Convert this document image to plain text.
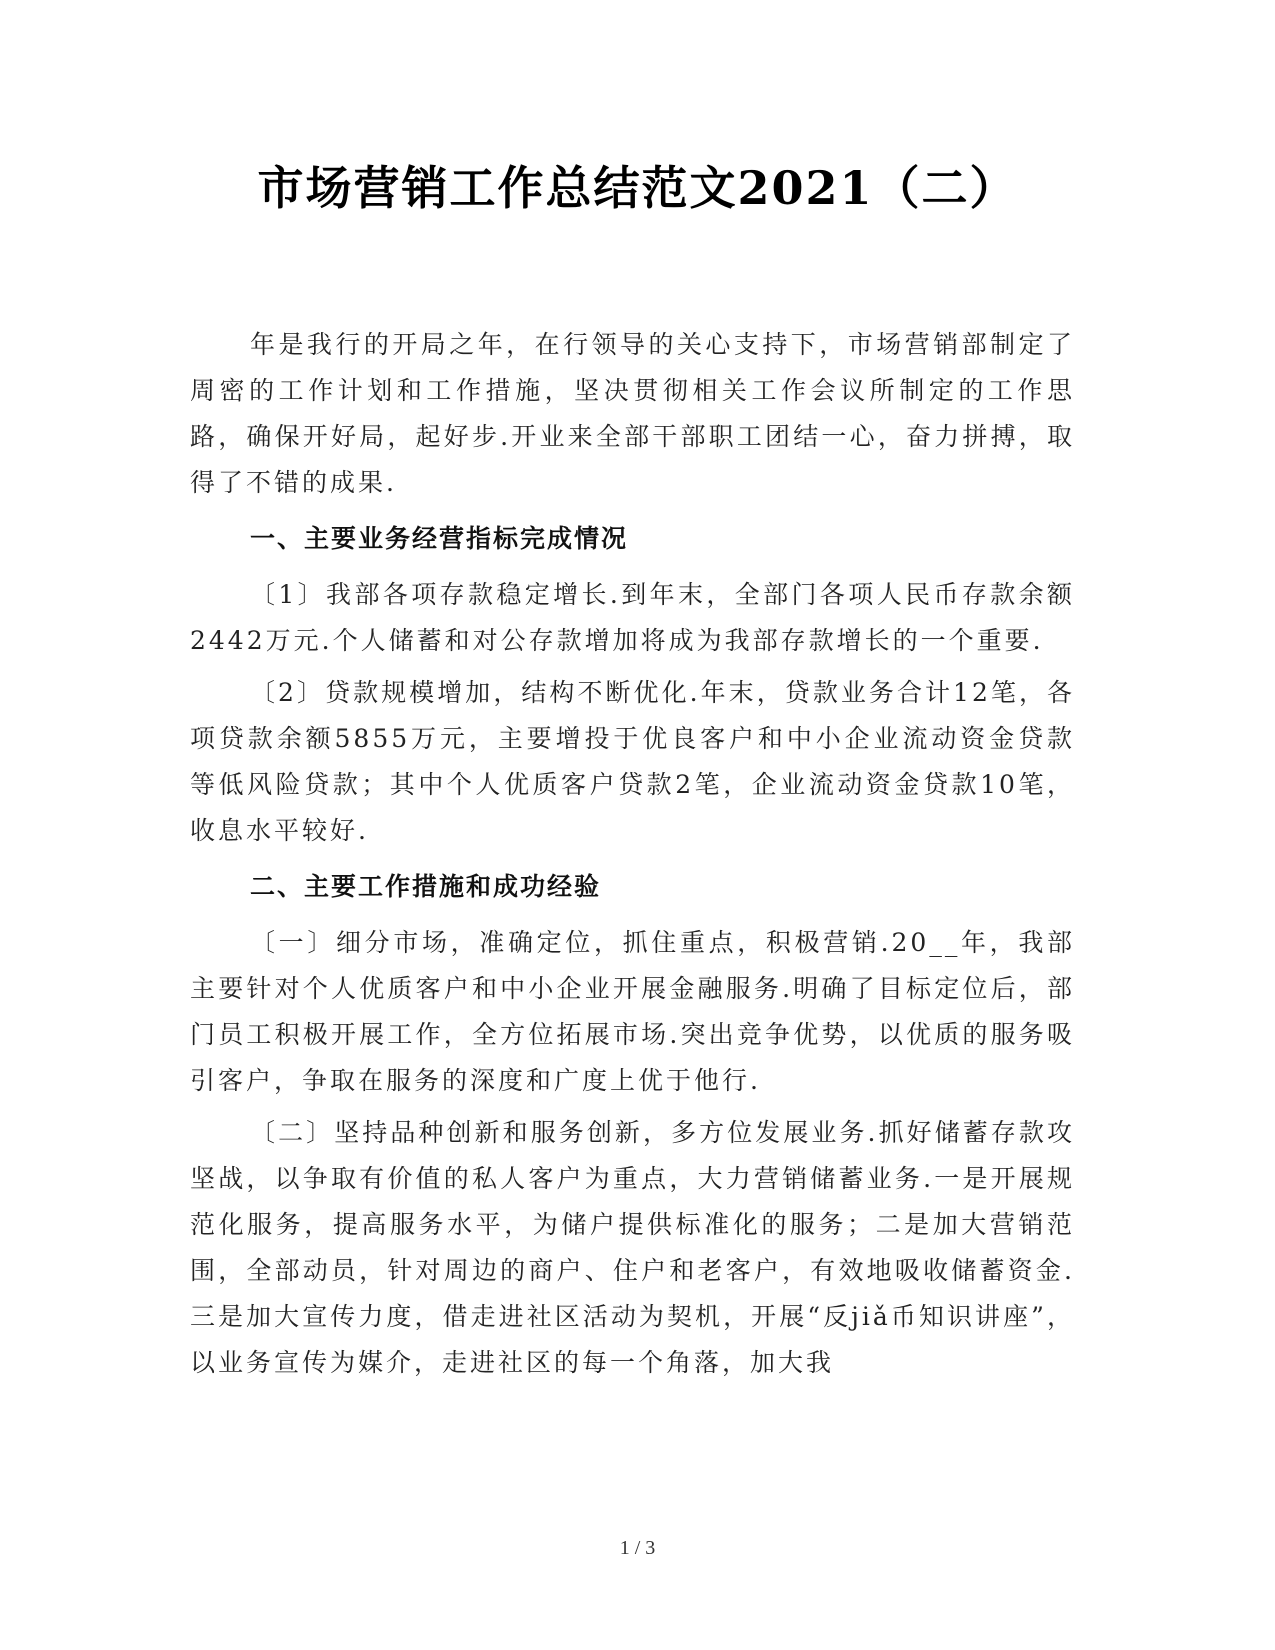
市场营销工作总结范文2021（二）

年是我行的开局之年，在行领导的关心支持下，市场营销部制定了周密的工作计划和工作措施，坚决贯彻相关工作会议所制定的工作思路，确保开好局，起好步.开业来全部干部职工团结一心，奋力拼搏，取得了不错的成果.

一、主要业务经营指标完成情况

〔1〕我部各项存款稳定增长.到年末，全部门各项人民币存款余额2442万元.个人储蓄和对公存款增加将成为我部存款增长的一个重要.

〔2〕贷款规模增加，结构不断优化.年末，贷款业务合计12笔，各项贷款余额5855万元，主要增投于优良客户和中小企业流动资金贷款等低风险贷款；其中个人优质客户贷款2笔，企业流动资金贷款10笔，收息水平较好.

二、主要工作措施和成功经验

〔一〕细分市场，准确定位，抓住重点，积极营销.20__年，我部主要针对个人优质客户和中小企业开展金融服务.明确了目标定位后，部门员工积极开展工作，全方位拓展市场.突出竞争优势，以优质的服务吸引客户，争取在服务的深度和广度上优于他行.

〔二〕坚持品种创新和服务创新，多方位发展业务.抓好储蓄存款攻坚战，以争取有价值的私人客户为重点，大力营销储蓄业务.一是开展规范化服务，提高服务水平，为储户提供标准化的服务；二是加大营销范围，全部动员，针对周边的商户、住户和老客户，有效地吸收储蓄资金.三是加大宣传力度，借走进社区活动为契机，开展“反jiǎ币知识讲座”，以业务宣传为媒介，走进社区的每一个角落，加大我

1 / 3
